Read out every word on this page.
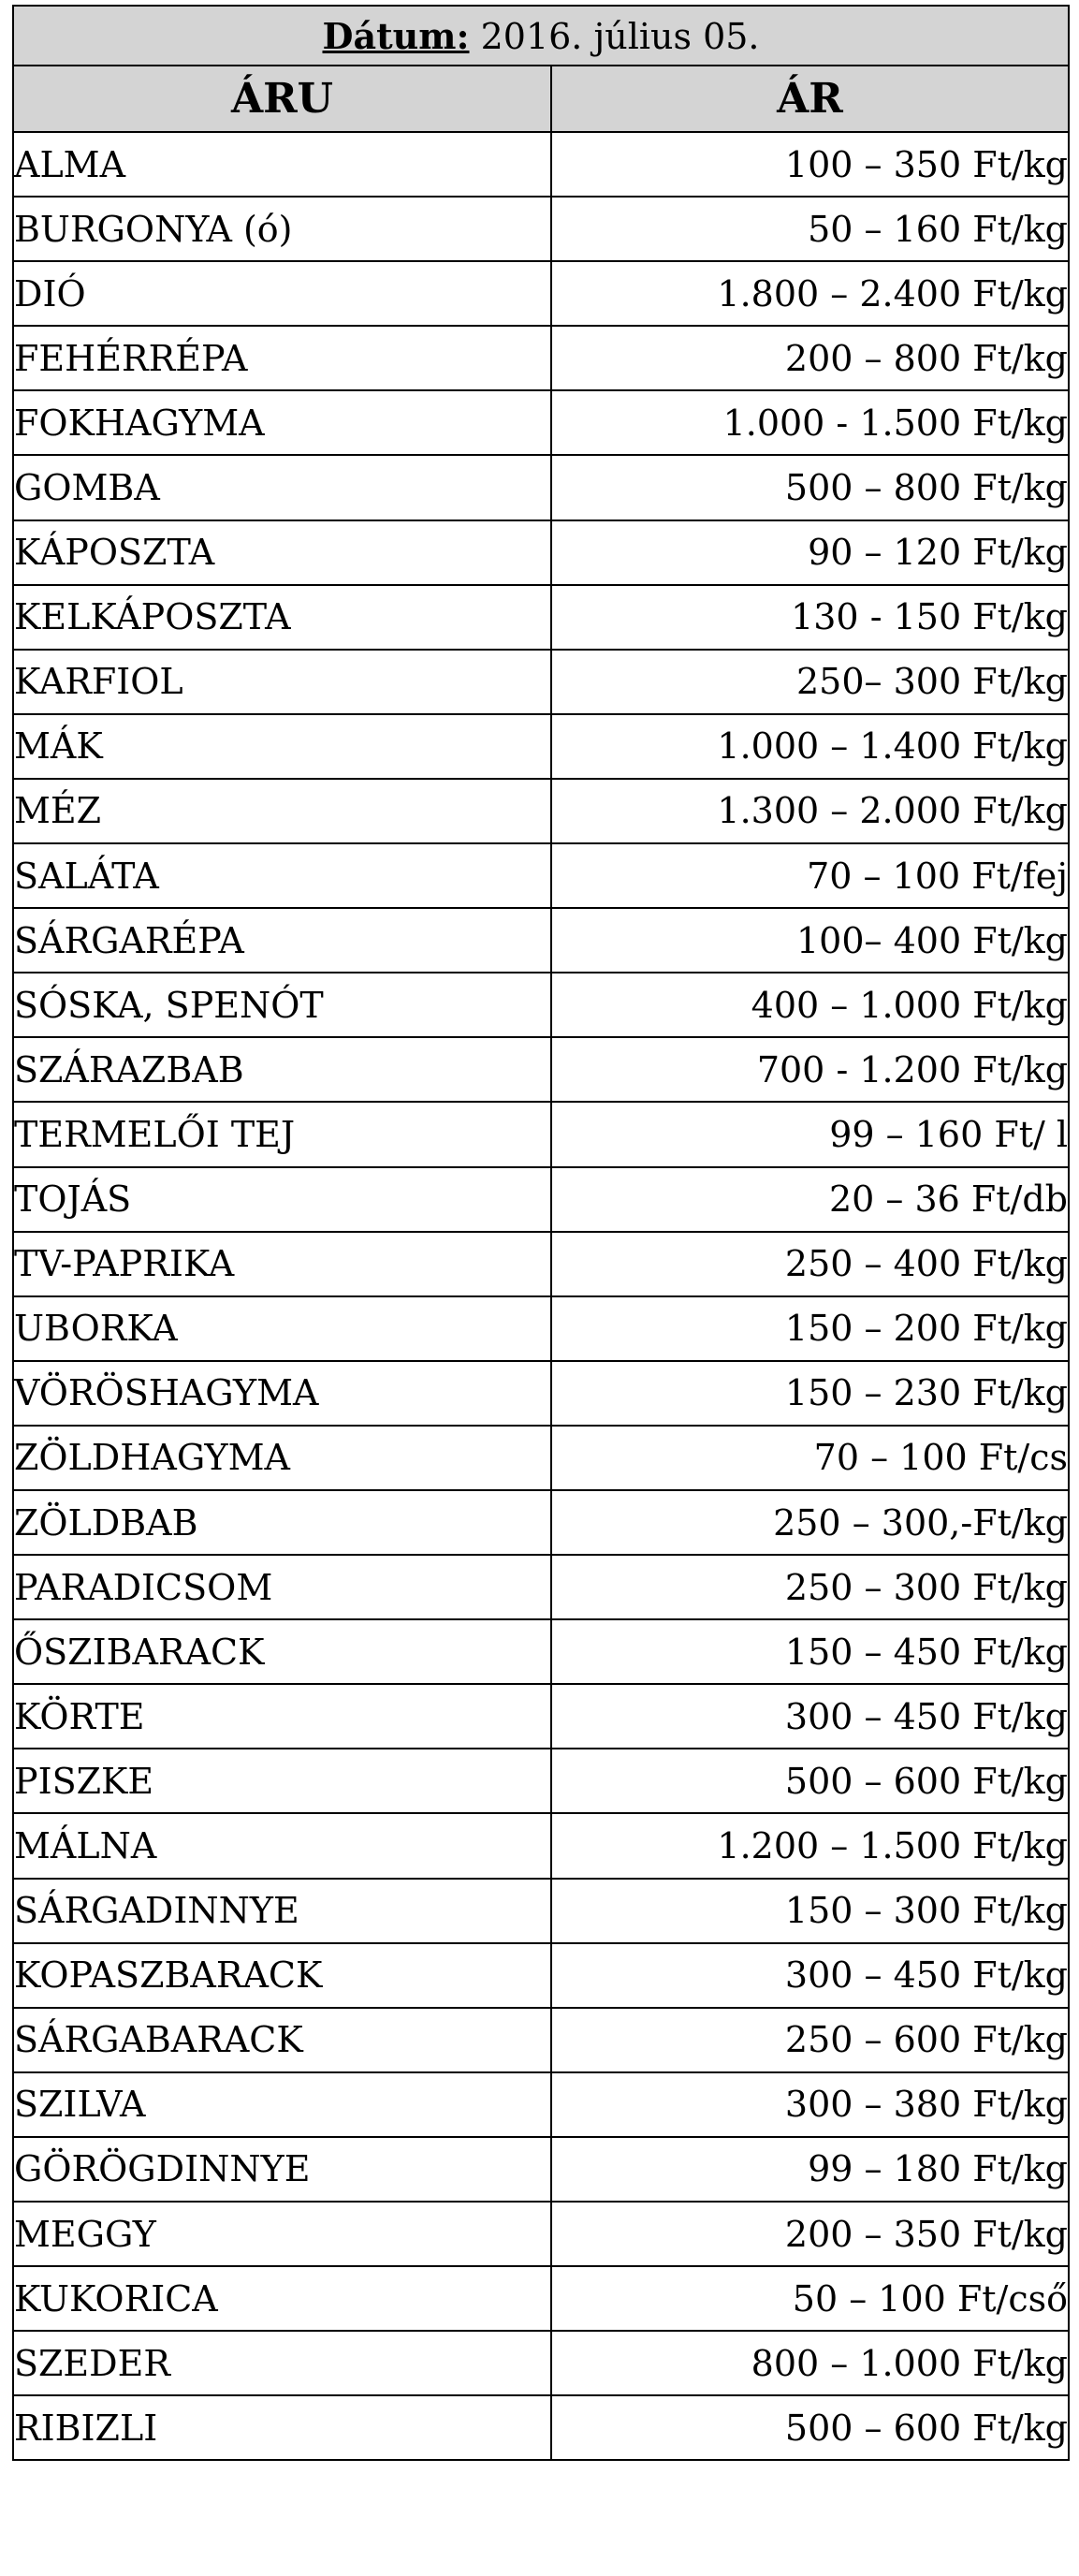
Dátum: 2016. július 05.	
ÁRU	ÁR
ALMA	100 – 350 Ft/kg
BURGONYA (ó)	50 – 160 Ft/kg
DIÓ	1.800 – 2.400 Ft/kg
FEHÉRRÉPA	200 – 800 Ft/kg
FOKHAGYMA	1.000 - 1.500 Ft/kg
GOMBA	500 – 800 Ft/kg
KÁPOSZTA	90 – 120 Ft/kg
KELKÁPOSZTA	130 - 150 Ft/kg
KARFIOL	250– 300 Ft/kg
MÁK	1.000 – 1.400 Ft/kg
MÉZ	1.300 – 2.000 Ft/kg
SALÁTA	70 – 100 Ft/fej
SÁRGARÉPA	100– 400 Ft/kg
SÓSKA, SPENÓT	400 – 1.000 Ft/kg
SZÁRAZBAB	700 - 1.200 Ft/kg
TERMELŐI TEJ	99 – 160 Ft/ l
TOJÁS	20 – 36 Ft/db
TV-PAPRIKA	250 – 400 Ft/kg
UBORKA	150 – 200 Ft/kg
VÖRÖSHAGYMA	150 – 230 Ft/kg
ZÖLDHAGYMA	70 – 100 Ft/cs
ZÖLDBAB	250 – 300,-Ft/kg
PARADICSOM	250 – 300 Ft/kg
ŐSZIBARACK	150 – 450 Ft/kg
KÖRTE	300 – 450 Ft/kg
PISZKE	500 – 600 Ft/kg
MÁLNA	1.200 – 1.500 Ft/kg
SÁRGADINNYE	150 – 300 Ft/kg
KOPASZBARACK	300 – 450 Ft/kg
SÁRGABARACK	250 – 600 Ft/kg
SZILVA	300 – 380 Ft/kg
GÖRÖGDINNYE	99 – 180 Ft/kg
MEGGY	200 – 350 Ft/kg
KUKORICA	50 – 100 Ft/cső
SZEDER	800 – 1.000 Ft/kg
RIBIZLI	500 – 600 Ft/kg
